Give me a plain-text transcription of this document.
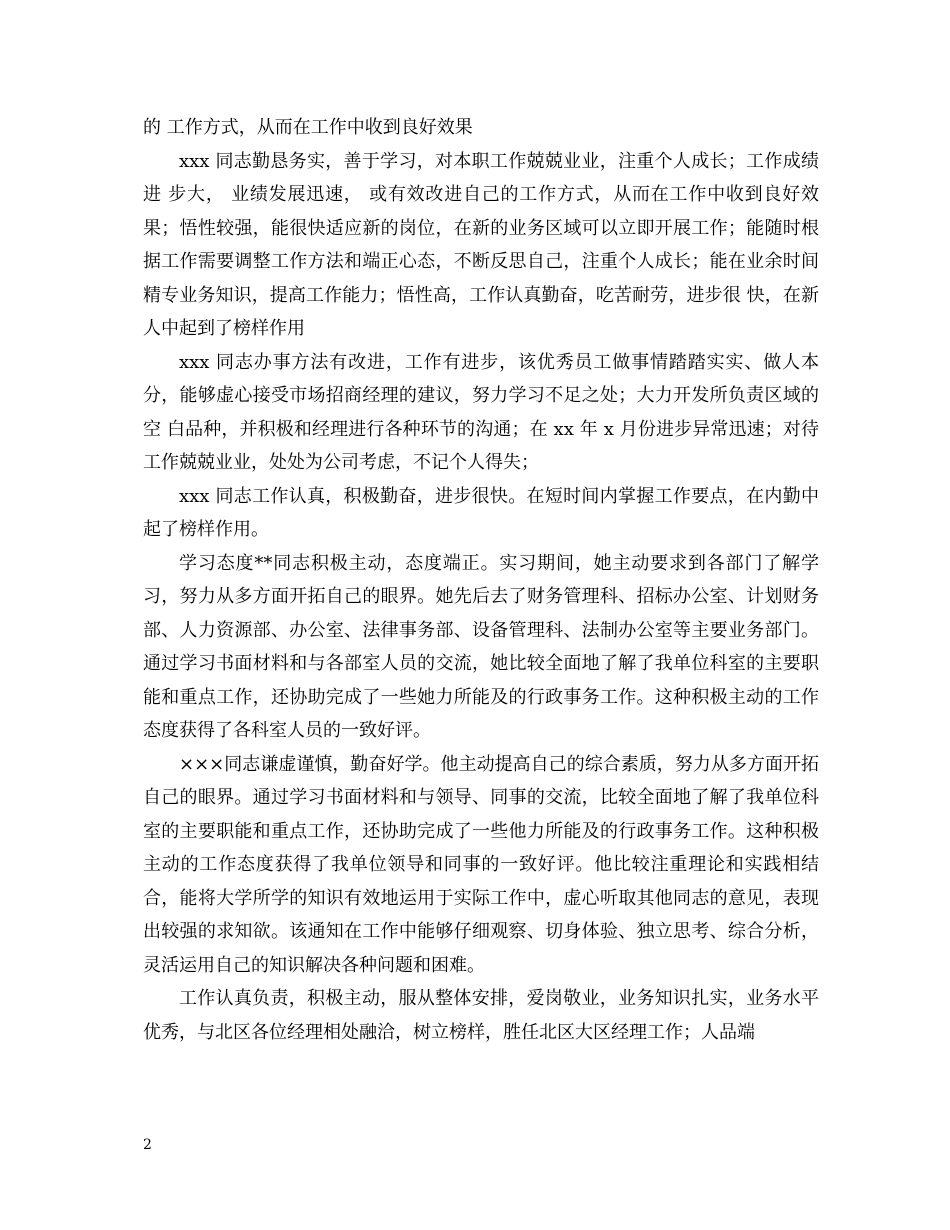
的 工作方式，从而在工作中收到良好效果

xxx 同志勤恳务实，善于学习，对本职工作兢兢业业，注重个人成长；工作成绩进 步大， 业绩发展迅速， 或有效改进自己的工作方式，从而在工作中收到良好效果；悟性较强，能很快适应新的岗位，在新的业务区域可以立即开展工作；能随时根据工作需要调整工作方法和端正心态，不断反思自己，注重个人成长；能在业余时间精专业务知识，提高工作能力；悟性高，工作认真勤奋，吃苦耐劳，进步很 快，在新人中起到了榜样作用

xxx 同志办事方法有改进，工作有进步，该优秀员工做事情踏踏实实、做人本分，能够虚心接受市场招商经理的建议，努力学习不足之处；大力开发所负责区域的空 白品种，并积极和经理进行各种环节的沟通；在 xx 年 x 月份进步异常迅速；对待工作兢兢业业，处处为公司考虑，不记个人得失；

xxx 同志工作认真，积极勤奋，进步很快。在短时间内掌握工作要点，在内勤中 起了榜样作用。

学习态度**同志积极主动，态度端正。实习期间，她主动要求到各部门了解学习，努力从多方面开拓自己的眼界。她先后去了财务管理科、招标办公室、计划财务部、人力资源部、办公室、法律事务部、设备管理科、法制办公室等主要业务部门。通过学习书面材料和与各部室人员的交流，她比较全面地了解了我单位科室的主要职能和重点工作，还协助完成了一些她力所能及的行政事务工作。这种积极主动的工作态度获得了各科室人员的一致好评。

×××同志谦虚谨慎，勤奋好学。他主动提高自己的综合素质，努力从多方面开拓自己的眼界。通过学习书面材料和与领导、同事的交流，比较全面地了解了我单位科室的主要职能和重点工作，还协助完成了一些他力所能及的行政事务工作。这种积极主动的工作态度获得了我单位领导和同事的一致好评。他比较注重理论和实践相结合，能将大学所学的知识有效地运用于实际工作中，虚心听取其他同志的意见，表现出较强的求知欲。该通知在工作中能够仔细观察、切身体验、独立思考、综合分析，灵活运用自己的知识解决各种问题和困难。

工作认真负责，积极主动，服从整体安排，爱岗敬业，业务知识扎实，业务水平优秀，与北区各位经理相处融洽，树立榜样，胜任北区大区经理工作；人品端

2
